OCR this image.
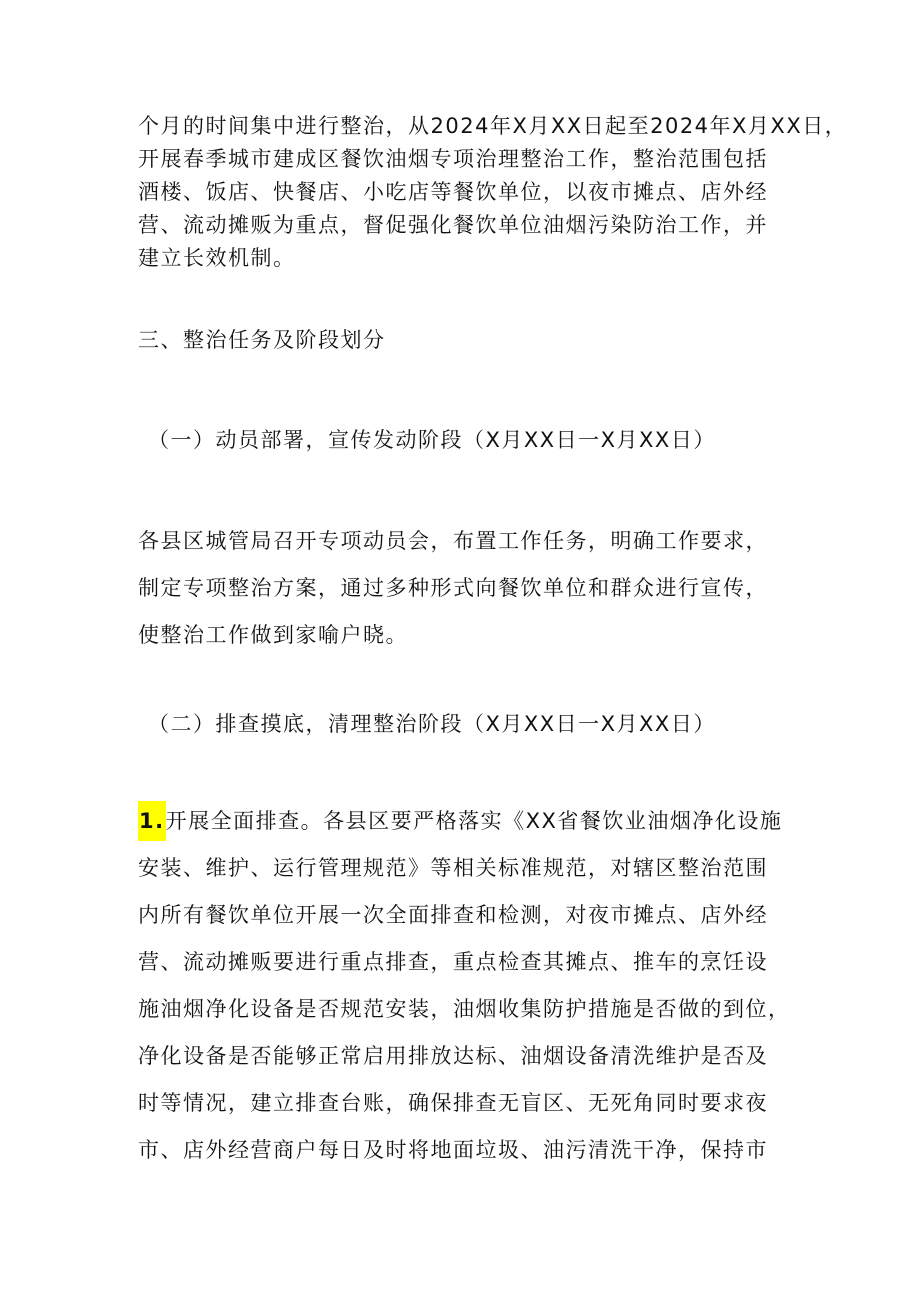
个月的时间集中进行整治，从2024年X月XX日起至2024年X月XX日，
开展春季城市建成区餐饮油烟专项治理整治工作，整治范围包括
酒楼、饭店、快餐店、小吃店等餐饮单位，以夜市摊点、店外经
营、流动摊贩为重点，督促强化餐饮单位油烟污染防治工作，并
建立长效机制。
三、整治任务及阶段划分
（一）动员部署，宣传发动阶段（X月XX日一X月XX日）
各县区城管局召开专项动员会，布置工作任务，明确工作要求，
制定专项整治方案，通过多种形式向餐饮单位和群众进行宣传，
使整治工作做到家喻户晓。
（二）排查摸底，清理整治阶段（X月XX日一X月XX日）
1.开展全面排查。各县区要严格落实《XX省餐饮业油烟净化设施
安装、维护、运行管理规范》等相关标准规范，对辖区整治范围
内所有餐饮单位开展一次全面排查和检测，对夜市摊点、店外经
营、流动摊贩要进行重点排查，重点检查其摊点、推车的烹饪设
施油烟净化设备是否规范安装，油烟收集防护措施是否做的到位，
净化设备是否能够正常启用排放达标、油烟设备清洗维护是否及
时等情况，建立排查台账，确保排查无盲区、无死角同时要求夜
市、店外经营商户每日及时将地面垃圾、油污清洗干净，保持市
